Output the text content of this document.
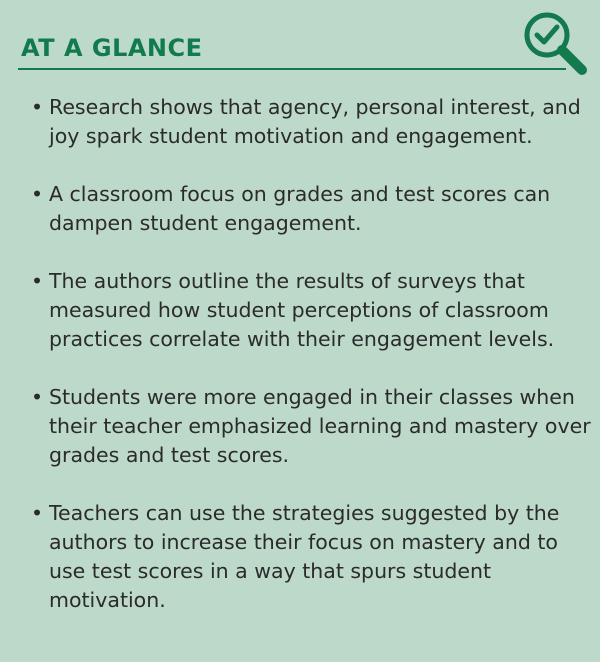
AT A GLANCE
• Research shows that agency, personal interest, and joy spark student motivation and engagement.
• A classroom focus on grades and test scores can dampen student engagement.
• The authors outline the results of surveys that measured how student perceptions of classroom practices correlate with their engagement levels.
• Students were more engaged in their classes when their teacher emphasized learning and mastery over grades and test scores.
• Teachers can use the strategies suggested by the authors to increase their focus on mastery and to use test scores in a way that spurs student motivation.
